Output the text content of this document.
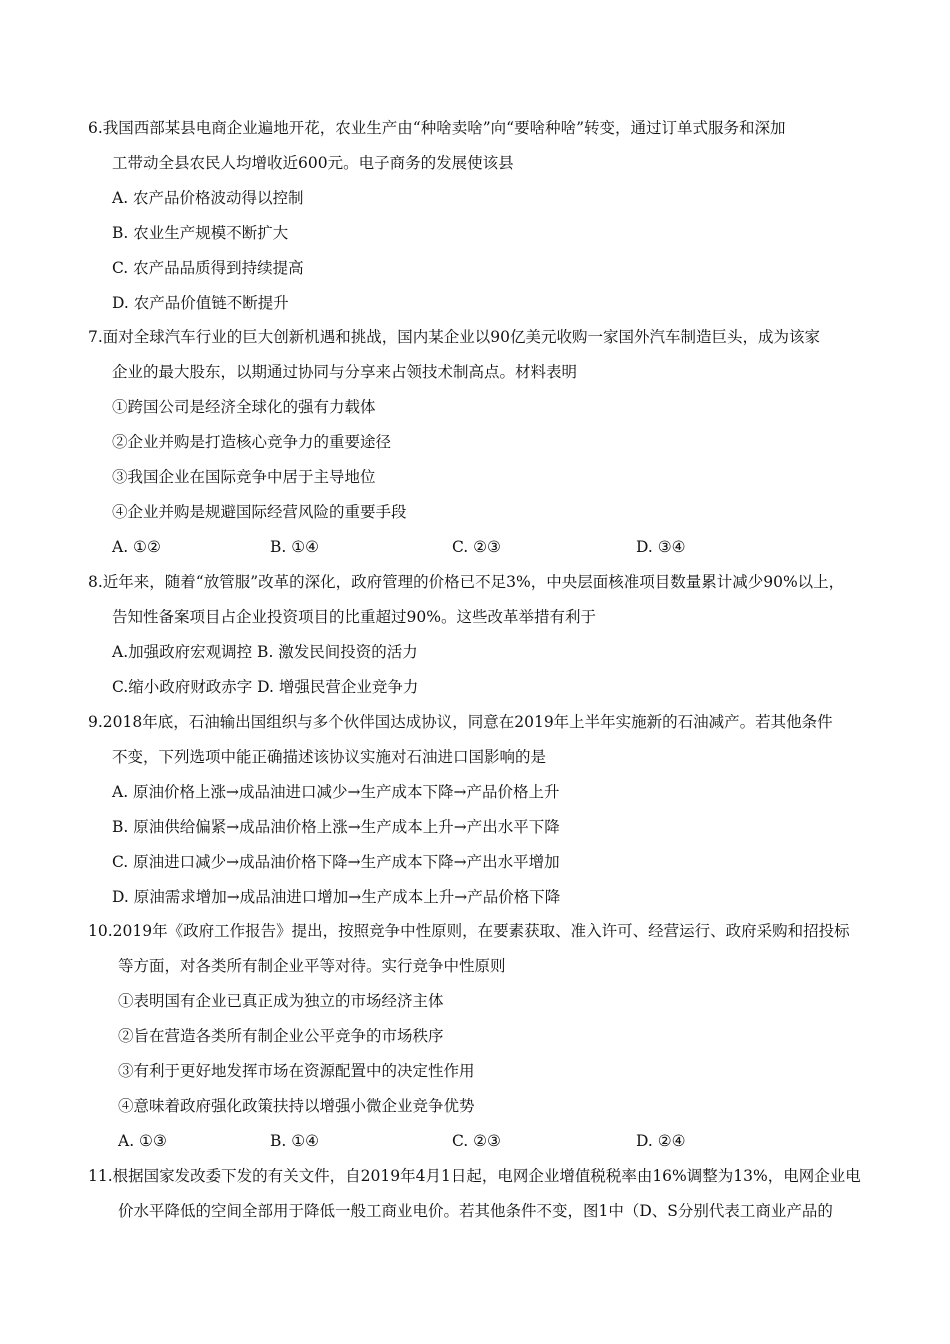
6.我国西部某县电商企业遍地开花，农业生产由“种啥卖啥”向“要啥种啥”转变，通过订单式服务和深加
工带动全县农民人均增收近600元。电子商务的发展使该县
A. 农产品价格波动得以控制
B. 农业生产规模不断扩大
C. 农产品品质得到持续提高
D. 农产品价值链不断提升
7.面对全球汽车行业的巨大创新机遇和挑战，国内某企业以90亿美元收购一家国外汽车制造巨头，成为该家
企业的最大股东，以期通过协同与分享来占领技术制高点。材料表明
①跨国公司是经济全球化的强有力载体
②企业并购是打造核心竞争力的重要途径
③我国企业在国际竞争中居于主导地位
④企业并购是规避国际经营风险的重要手段
A. ①②	B. ①④	C. ②③	D. ③④
8.近年来，随着“放管服”改革的深化，政府管理的价格已不足3%，中央层面核准项目数量累计减少90%以上，
告知性备案项目占企业投资项目的比重超过90%。这些改革举措有利于
A.加强政府宏观调控 B. 激发民间投资的活力
C.缩小政府财政赤字 D. 增强民营企业竞争力
9.2018年底，石油输出国组织与多个伙伴国达成协议，同意在2019年上半年实施新的石油减产。若其他条件
不变，下列选项中能正确描述该协议实施对石油进口国影响的是
A. 原油价格上涨→成品油进口减少→生产成本下降→产品价格上升
B. 原油供给偏紧→成品油价格上涨→生产成本上升→产出水平下降
C. 原油进口减少→成品油价格下降→生产成本下降→产出水平增加
D. 原油需求增加→成品油进口增加→生产成本上升→产品价格下降
10.2019年《政府工作报告》提出，按照竞争中性原则，在要素获取、准入许可、经营运行、政府采购和招投标
等方面，对各类所有制企业平等对待。实行竞争中性原则
①表明国有企业已真正成为独立的市场经济主体
②旨在营造各类所有制企业公平竞争的市场秩序
③有利于更好地发挥市场在资源配置中的决定性作用
④意味着政府强化政策扶持以增强小微企业竞争优势
A. ①③	B. ①④	C. ②③	D. ②④
11.根据国家发改委下发的有关文件，自2019年4月1日起，电网企业增值税税率由16%调整为13%，电网企业电
价水平降低的空间全部用于降低一般工商业电价。若其他条件不变，图1中（D、S分别代表工商业产品的
